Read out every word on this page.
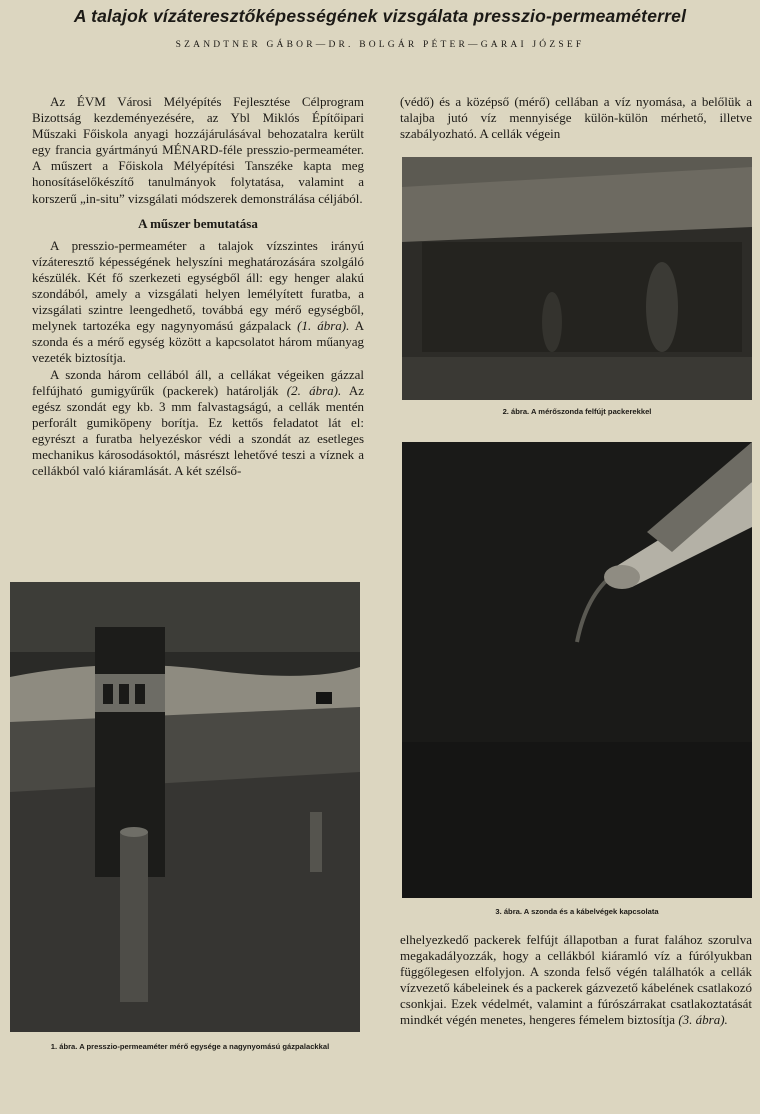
A talajok vízáteresztőképességének vizsgálata presszio-permeaméterrel

SZANDTNER GÁBOR—DR. BOLGÁR PÉTER—GARAI JÓZSEF

Az ÉVM Városi Mélyépítés Fejlesztése Célprogram Bizottság kezdeményezésére, az Ybl Miklós Építőipari Műszaki Főiskola anyagi hozzájárulásával behozatalra került egy francia gyártmányú MÉNARD-féle presszio-permeaméter. A műszert a Főiskola Mélyépítési Tanszéke kapta meg honosításelőkészítő tanulmányok folytatása, valamint a korszerű „in-situ” vizsgálati módszerek demonstrálása céljából.

A műszer bemutatása

A presszio-permeaméter a talajok vízszintes irányú vízáteresztő képességének helyszíni meghatározására szolgáló készülék. Két fő szerkezeti egységből áll: egy henger alakú szondából, amely a vizsgálati helyen lemélyített furatba, a vizsgálati szintre leengedhető, továbbá egy mérő egységből, melynek tartozéka egy nagynyomású gázpalack (1. ábra). A szonda és a mérő egység között a kapcsolatot három műanyag vezeték biztosítja.

A szonda három cellából áll, a cellákat végeiken gázzal felfújható gumigyűrűk (packerek) határolják (2. ábra). Az egész szondát egy kb. 3 mm falvastagságú, a cellák mentén perforált gumiköpeny borítja. Ez kettős feladatot lát el: egyrészt a furatba helyezéskor védi a szondát az esetleges mechanikus károsodásoktól, másrészt lehetővé teszi a víznek a cellákból való kiáramlását. A két szélső-

(védő) és a középső (mérő) cellában a víz nyomása, a belőlük a talajba jutó víz mennyisége külön-külön mérhető, illetve szabályozható. A cellák végein

1. ábra. A presszio-permeaméter mérő egysége a nagynyomású gázpalackkal
2. ábra. A mérőszonda felfújt packerekkel
3. ábra. A szonda és a kábelvégek kapcsolata

elhelyezkedő packerek felfújt állapotban a furat falához szorulva megakadályozzák, hogy a cellákból kiáramló víz a fúrólyukban függőlegesen elfolyjon. A szonda felső végén találhatók a cellák vízvezető kábeleinek és a packerek gázvezető kábelének csatlakozó csonkjai. Ezek védelmét, valamint a fúrószárrakat csatlakoztatását mindkét végén menetes, hengeres fémelem biztosítja (3. ábra).
